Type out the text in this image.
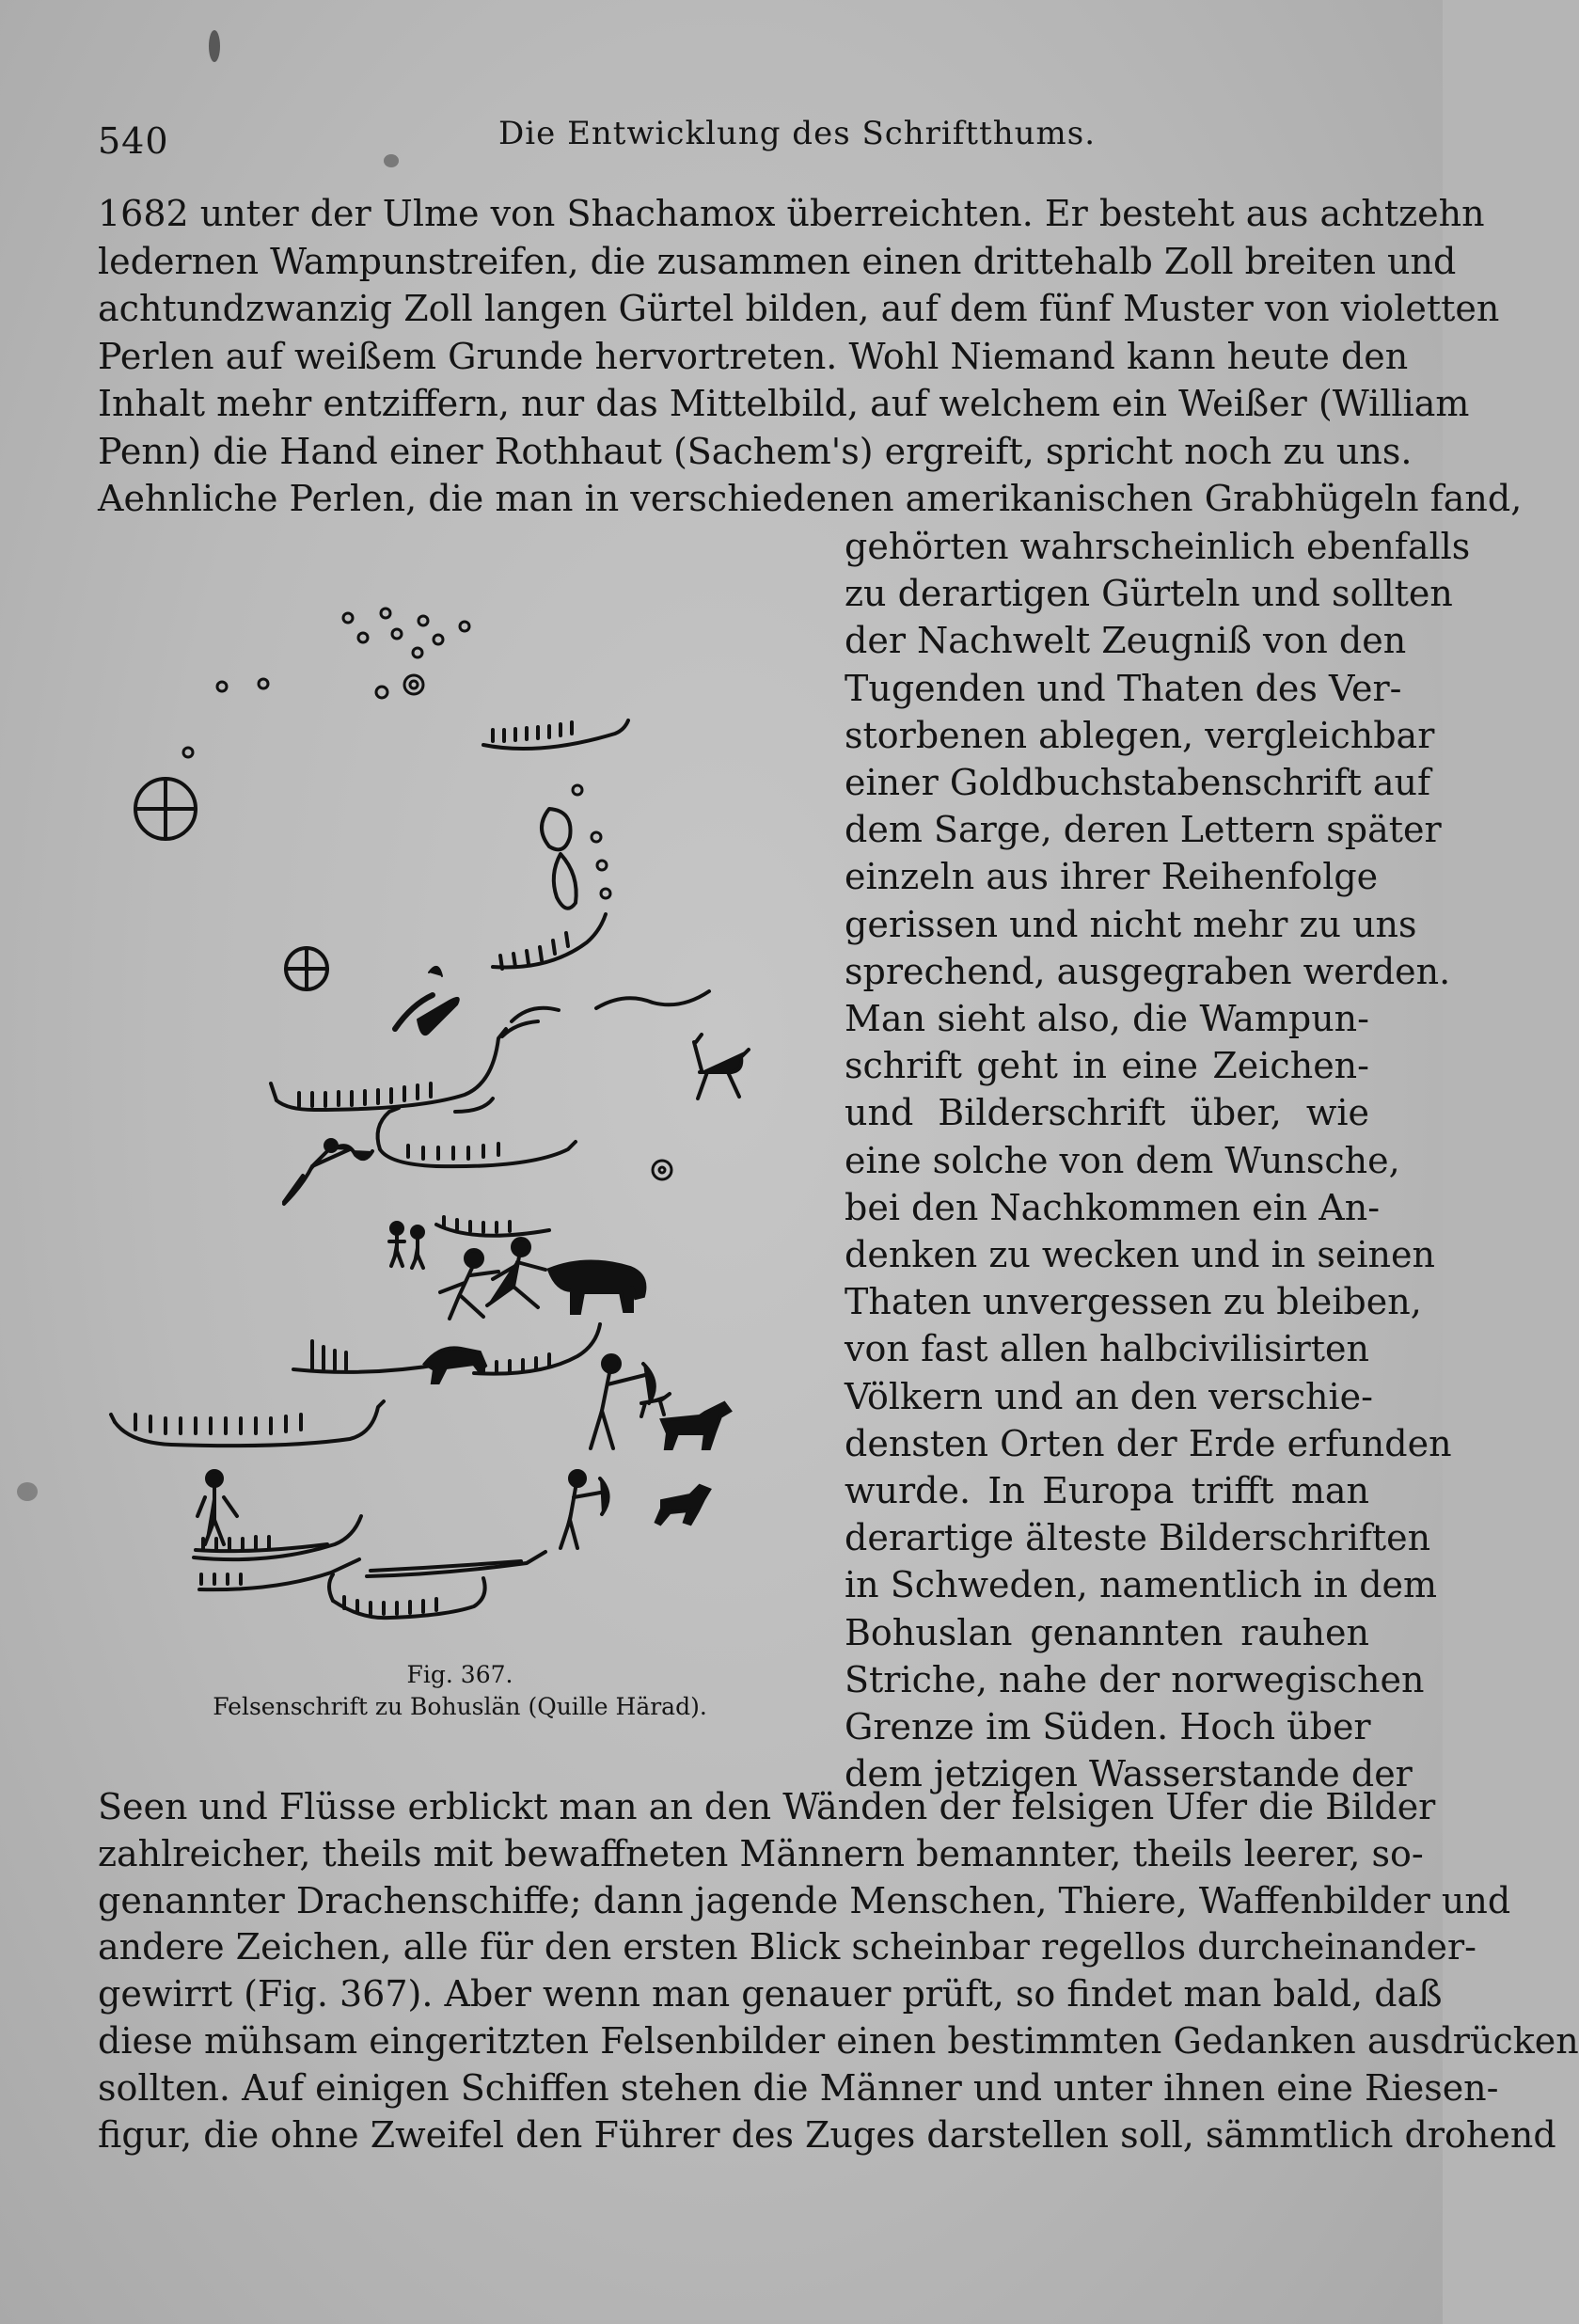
540	Die Entwicklung des Schriftthums.
1682 unter der Ulme von Shachamox überreichten. Er besteht aus achtzehn
ledernen Wampunstreifen, die zusammen einen drittehalb Zoll breiten und
achtundzwanzig Zoll langen Gürtel bilden, auf dem fünf Muster von violetten
Perlen auf weißem Grunde hervortreten. Wohl Niemand kann heute den
Inhalt mehr entziffern, nur das Mittelbild, auf welchem ein Weißer (William
Penn) die Hand einer Rothhaut (Sachem's) ergreift, spricht noch zu uns.
Aehnliche Perlen, die man in verschiedenen amerikanischen Grabhügeln fand,
gehörten wahrscheinlich ebenfalls
zu derartigen Gürteln und sollten
der Nachwelt Zeugniß von den
Tugenden und Thaten des Ver-
storbenen ablegen, vergleichbar
einer Goldbuchstabenschrift auf
dem Sarge, deren Lettern später
einzeln aus ihrer Reihenfolge
gerissen und nicht mehr zu uns
sprechend, ausgegraben werden.
Man sieht also, die Wampun-
schrift geht in eine Zeichen-
und Bilderschrift über, wie
eine solche von dem Wunsche,
bei den Nachkommen ein An-
denken zu wecken und in seinen
Thaten unvergessen zu bleiben,
von fast allen halbcivilisirten
Völkern und an den verschie-
densten Orten der Erde erfunden
wurde. In Europa trifft man
derartige älteste Bilderschriften
in Schweden, namentlich in dem
Bohuslan genannten rauhen
Striche, nahe der norwegischen
Grenze im Süden. Hoch über
dem jetzigen Wasserstande der
Seen und Flüsse erblickt man an den Wänden der felsigen Ufer die Bilder
zahlreicher, theils mit bewaffneten Männern bemannter, theils leerer, so-
genannter Drachenschiffe; dann jagende Menschen, Thiere, Waffenbilder und
andere Zeichen, alle für den ersten Blick scheinbar regellos durcheinander-
gewirrt (Fig. 367). Aber wenn man genauer prüft, so findet man bald, daß
diese mühsam eingeritzten Felsenbilder einen bestimmten Gedanken ausdrücken
sollten. Auf einigen Schiffen stehen die Männer und unter ihnen eine Riesen-
figur, die ohne Zweifel den Führer des Zuges darstellen soll, sämmtlich drohend
Fig. 367.
Felsenschrift zu Bohuslän (Quille Härad).
